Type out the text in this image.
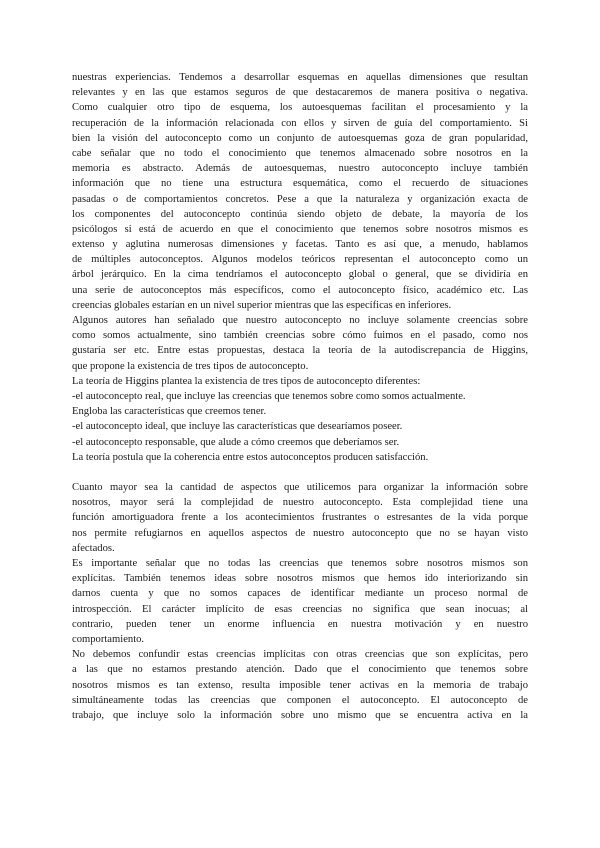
nuestras experiencias. Tendemos a desarrollar esquemas en aquellas dimensiones que resultan
relevantes y en las que estamos seguros de que destacaremos de manera positiva o negativa.
Como cualquier otro tipo de esquema, los autoesquemas facilitan el procesamiento y la
recuperación de la información relacionada con ellos y sirven de guía del comportamiento. Si
bien la visión del autoconcepto como un conjunto de autoesquemas goza de gran popularidad,
cabe señalar que no todo el conocimiento que tenemos almacenado sobre nosotros en la
memoria es abstracto. Además de autoesquemas, nuestro autoconcepto incluye también
información que no tiene una estructura esquemática, como el recuerdo de situaciones
pasadas o de comportamientos concretos. Pese a que la naturaleza y organización exacta de
los componentes del autoconcepto continúa siendo objeto de debate, la mayoría de los
psicólogos si está de acuerdo en que el conocimiento que tenemos sobre nosotros mismos es
extenso y aglutina numerosas dimensiones y facetas. Tanto es así que, a menudo, hablamos
de múltiples autoconceptos. Algunos modelos teóricos representan el autoconcepto como un
árbol jerárquico. En la cima tendríamos el autoconcepto global o general, que se dividiría en
una serie de autoconceptos más específicos, como el autoconcepto físico, académico etc. Las
creencias globales estarían en un nivel superior mientras que las específicas en inferiores.
Algunos autores han señalado que nuestro autoconcepto no incluye solamente creencias sobre
como somos actualmente, sino también creencias sobre cómo fuimos en el pasado, como nos
gustaría ser etc. Entre estas propuestas, destaca la teoría de la autodiscrepancia de Higgins,
que propone la existencia de tres tipos de autoconcepto.
La teoría de Higgins plantea la existencia de tres tipos de autoconcepto diferentes:
-el autoconcepto real, que incluye las creencias que tenemos sobre como somos actualmente.
Engloba las características que creemos tener.
-el autoconcepto ideal, que incluye las características que desearíamos poseer.
-el autoconcepto responsable, que alude a cómo creemos que deberíamos ser.
La teoría postula que la coherencia entre estos autoconceptos producen satisfacción.
Cuanto mayor sea la cantidad de aspectos que utilicemos para organizar la información sobre
nosotros, mayor será la complejidad de nuestro autoconcepto. Esta complejidad tiene una
función amortiguadora frente a los acontecimientos frustrantes o estresantes de la vida porque
nos permite refugiarnos en aquellos aspectos de nuestro autoconcepto que no se hayan visto
afectados.
Es importante señalar que no todas las creencias que tenemos sobre nosotros mismos son
explícitas. También tenemos ideas sobre nosotros mismos que hemos ido interiorizando sin
darnos cuenta y que no somos capaces de identificar mediante un proceso normal de
introspección. El carácter implícito de esas creencias no significa que sean inocuas; al
contrario, pueden tener un enorme influencia en nuestra motivación y en nuestro
comportamiento.
No debemos confundir estas creencias implícitas con otras creencias que son explícitas, pero
a las que no estamos prestando atención. Dado que el conocimiento que tenemos sobre
nosotros mismos es tan extenso, resulta imposible tener activas en la memoria de trabajo
simultáneamente todas las creencias que componen el autoconcepto. El autoconcepto de
trabajo, que incluye solo la información sobre uno mismo que se encuentra activa en la
